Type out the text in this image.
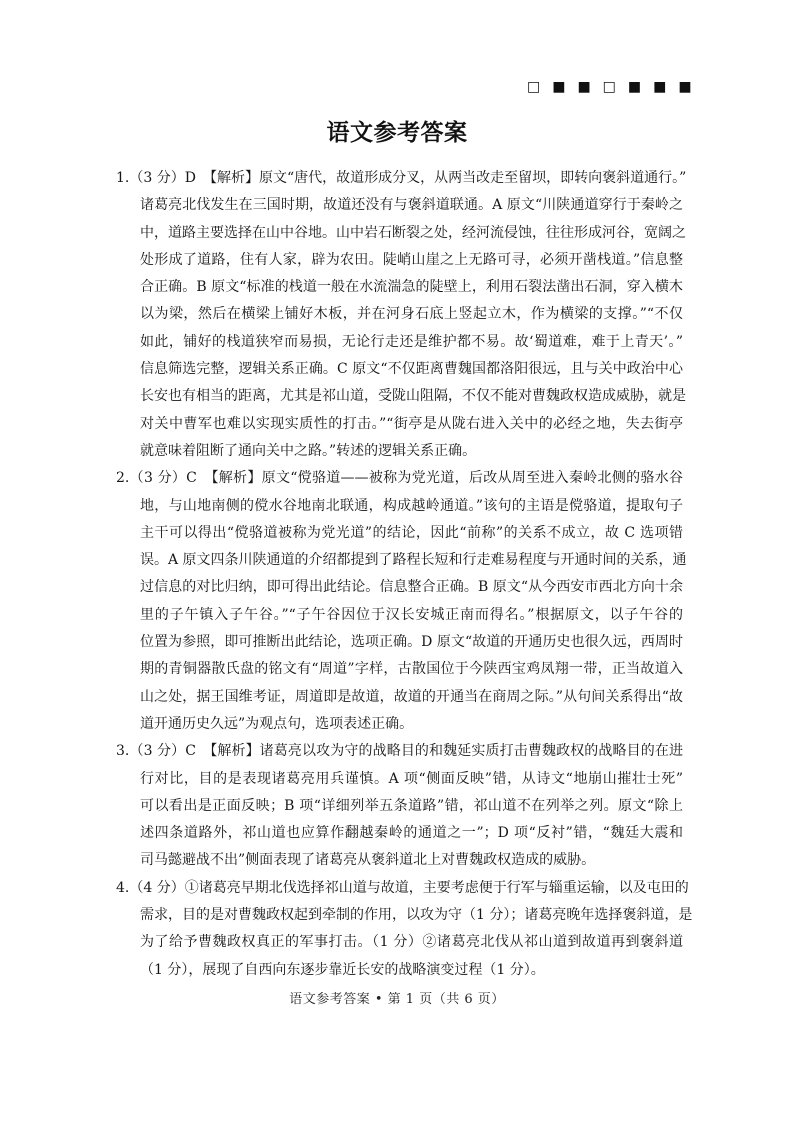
□■■□■■■
语文参考答案
1.（3 分）D　【解析】原文“唐代，故道形成分叉，从两当改走至留坝，即转向褒斜道通行。”
诸葛亮北伐发生在三国时期，故道还没有与褒斜道联通。A 原文“川陕通道穿行于秦岭之
中，道路主要选择在山中谷地。山中岩石断裂之处，经河流侵蚀，往往形成河谷，宽阔之
处形成了道路，住有人家，辟为农田。陡峭山崖之上无路可寻，必须开凿栈道。”信息整
合正确。B 原文“标准的栈道一般在水流湍急的陡壁上，利用石裂法凿出石洞，穿入横木
以为梁，然后在横梁上铺好木板，并在河身石底上竖起立木，作为横梁的支撑。”“不仅
如此，铺好的栈道狭窄而易损，无论行走还是维护都不易。故‘蜀道难，难于上青天’。”
信息筛选完整，逻辑关系正确。C 原文“不仅距离曹魏国都洛阳很远，且与关中政治中心
长安也有相当的距离，尤其是祁山道，受陇山阻隔，不仅不能对曹魏政权造成威胁，就是
对关中曹军也难以实现实质性的打击。”“街亭是从陇右进入关中的必经之地，失去街亭
就意味着阻断了通向关中之路。”转述的逻辑关系正确。
2.（3 分）C　【解析】原文“傥骆道——被称为党光道，后改从周至进入秦岭北侧的骆水谷
地，与山地南侧的傥水谷地南北联通，构成越岭通道。”该句的主语是傥骆道，提取句子
主干可以得出“傥骆道被称为党光道”的结论，因此“前称”的关系不成立，故 C 选项错
误。A 原文四条川陕通道的介绍都提到了路程长短和行走难易程度与开通时间的关系，通
过信息的对比归纳，即可得出此结论。信息整合正确。B 原文“从今西安市西北方向十余
里的子午镇入子午谷。”“子午谷因位于汉长安城正南而得名。”根据原文，以子午谷的
位置为参照，即可推断出此结论，选项正确。D 原文“故道的开通历史也很久远，西周时
期的青铜器散氏盘的铭文有“周道”字样，古散国位于今陕西宝鸡凤翔一带，正当故道入
山之处，据王国维考证，周道即是故道，故道的开通当在商周之际。”从句间关系得出“故
道开通历史久远”为观点句，选项表述正确。
3.（3 分）C　【解析】诸葛亮以攻为守的战略目的和魏延实质打击曹魏政权的战略目的在进
行对比，目的是表现诸葛亮用兵谨慎。A 项“侧面反映”错，从诗文“地崩山摧壮士死”
可以看出是正面反映；B 项“详细列举五条道路”错，祁山道不在列举之列。原文“除上
述四条道路外，祁山道也应算作翻越秦岭的通道之一”；D 项“反衬”错，“魏廷大震和
司马懿避战不出”侧面表现了诸葛亮从褒斜道北上对曹魏政权造成的威胁。
4.（4 分）①诸葛亮早期北伐选择祁山道与故道，主要考虑便于行军与辎重运输，以及屯田的
需求，目的是对曹魏政权起到牵制的作用，以攻为守（1 分）；诸葛亮晚年选择褒斜道，是
为了给予曹魏政权真正的军事打击。（1 分）②诸葛亮北伐从祁山道到故道再到褒斜道
（1 分），展现了自西向东逐步靠近长安的战略演变过程（1 分）。
语文参考答案 • 第 1 页（共 6 页）
